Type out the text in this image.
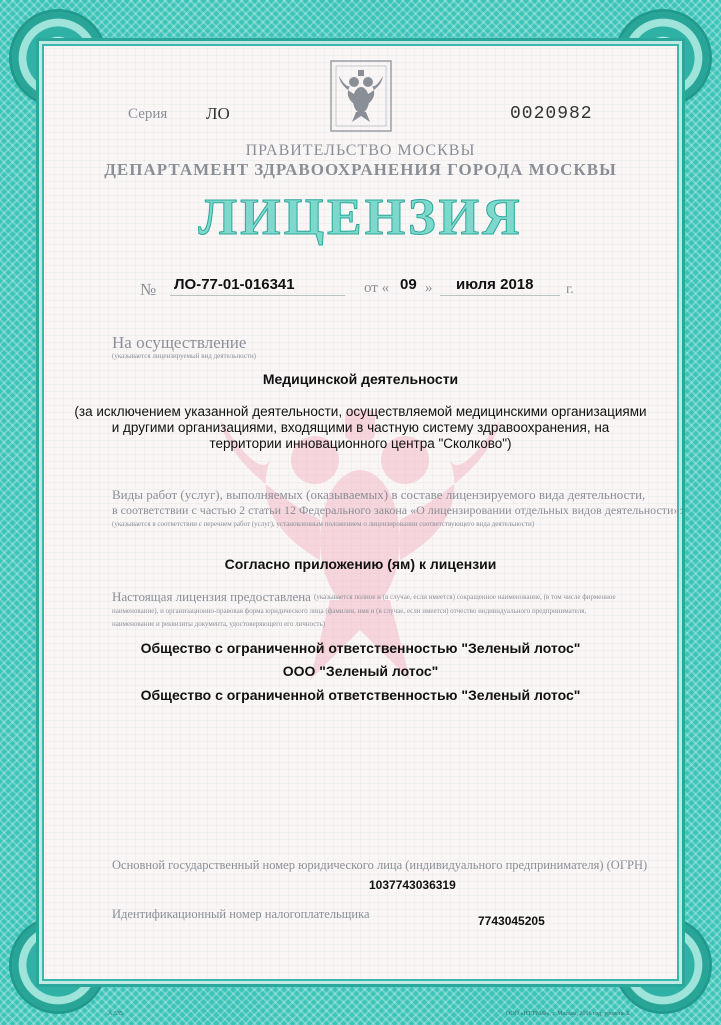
Серия ЛО	0020982
ПРАВИТЕЛЬСТВО МОСКВЫ
ДЕПАРТАМЕНТ ЗДРАВООХРАНЕНИЯ ГОРОДА МОСКВЫ
ЛИЦЕНЗИЯ
№ ЛО-77-01-016341	от « 09 » июля 2018 г.
На осуществление
(указывается лицензируемый вид деятельности)
Медицинской деятельности
(за исключением указанной деятельности, осуществляемой медицинскими организациями
и другими организациями, входящими в частную систему здравоохранения, на
территории инновационного центра "Сколково")
Виды работ (услуг), выполняемых (оказываемых) в составе лицензируемого вида деятельности,
в соответствии с частью 2 статьи 12 Федерального закона «О лицензировании отдельных видов деятельности»:
(указывается в соответствии с перечнем работ (услуг), установленным положением о лицензировании соответствующего вида деятельности)
Согласно приложению (ям) к лицензии
Настоящая лицензия предоставлена (указывается полное и (в случае, если имеется) сокращенное наименование, (в том числе фирменное
наименование), и организационно-правовая форма юридического лица (фамилия, имя и (в случае, если имеется) отчество индивидуального предпринимателя,
наименование и реквизиты документа, удостоверяющего его личность)
Общество с ограниченной ответственностью "Зеленый лотос"
ООО "Зеленый лотос"
Общество с ограниченной ответственностью "Зеленый лотос"
Основной государственный номер юридического лица (индивидуального предпринимателя) (ОГРН)
1037743036319
Идентификационный номер налогоплательщика	7743045205
А.535	ООО «НТТРАФ», г. Москва, 2016 год, уровень Б
